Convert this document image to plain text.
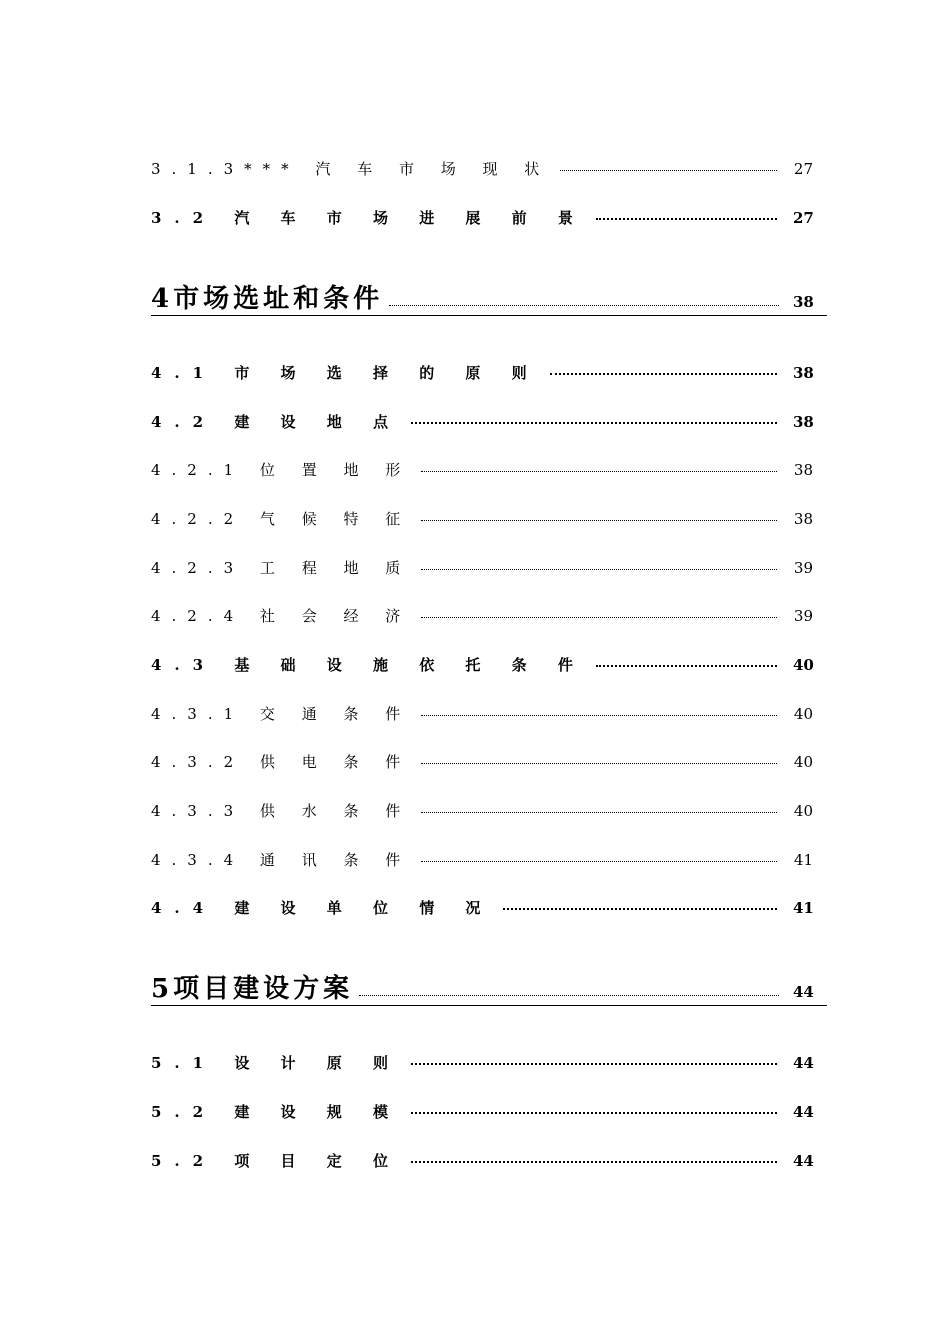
3.1.3*** 汽 车 市 场 现 状	27
3.2 汽 车 市 场 进 展 前 景	27
4市场选址和条件	38
4.1 市 场 选 择 的 原 则	38
4.2 建 设 地 点	38
4.2.1 位 置 地 形	38
4.2.2 气 候 特 征	38
4.2.3 工 程 地 质	39
4.2.4 社 会 经 济	39
4.3 基 础 设 施 依 托 条 件	40
4.3.1 交 通 条 件	40
4.3.2 供 电 条 件	40
4.3.3 供 水 条 件	40
4.3.4 通 讯 条 件	41
4.4 建 设 单 位 情 况	41
5项目建设方案	44
5.1 设 计 原 则	44
5.2 建 设 规 模	44
5.2 项 目 定 位	44
